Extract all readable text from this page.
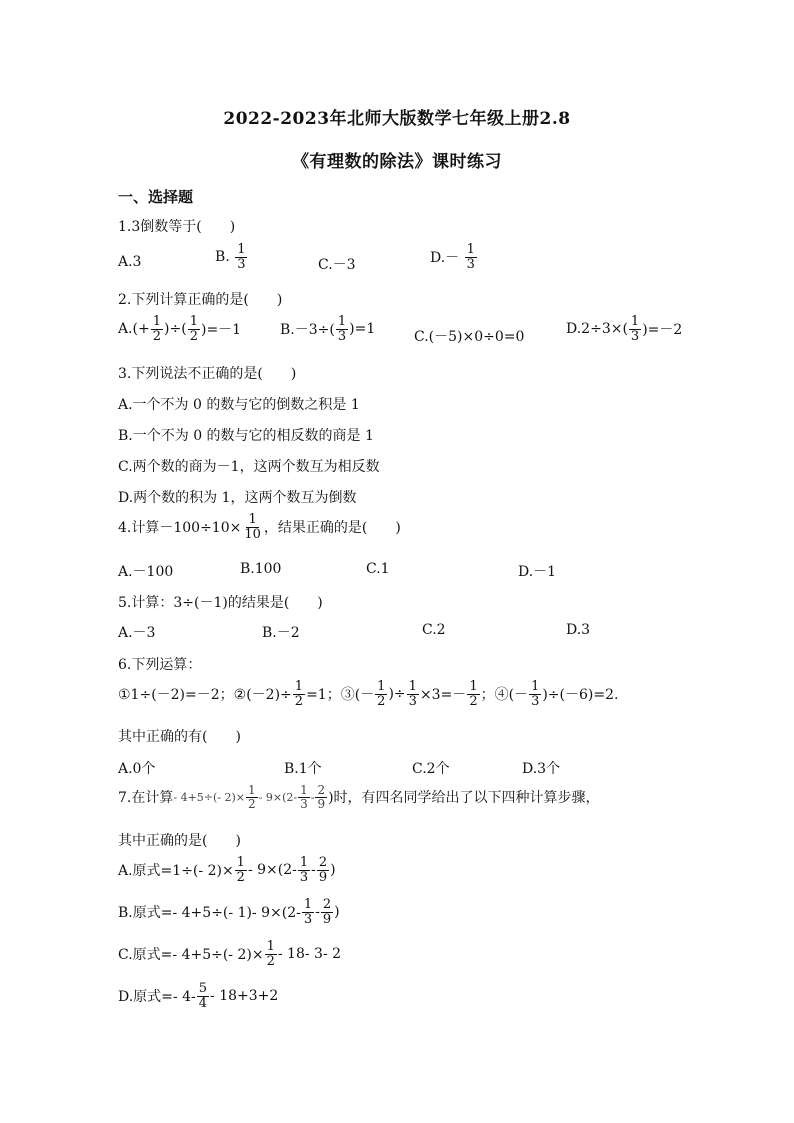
2022-2023年北师大版数学七年级上册2.8
《有理数的除法》课时练习
一、选择题
1.3倒数等于(　　)
A.3	B. $\frac{1}{3}$	C.－3	$D.- \frac{1}{3}$
2.下列计算正确的是(　　)
$A.(+ \frac{1}{2}$ )÷( $\frac{1}{2} )=-1$	$B.-3\div( \frac{1}{3} )=1$	C.(－5)×0÷0=0	$D.2\div 3\times( \frac{1}{3} )=-2$
3.下列说法不正确的是(　　)
A.一个不为 0 的数与它的倒数之积是 1
B.一个不为 0 的数与它的相反数的商是 1
C.两个数的商为－1，这两个数互为相反数
D.两个数的积为 1，这两个数互为倒数
4.计算$-100\div 10\times \frac{1}{10}$ ，结果正确的是(　　)
A.－100	B.100	C.1	D.－1
5.计算：3÷(－1)的结果是(　　)
A.－3	B.－2	C.2	D.3
6.下列运算：
①1÷(－2)=－2；②(－2)÷ $\frac{1}{2} =1$；③(－ $\frac{1}{2}$ )÷ $\frac{1}{3} \times 3=- \frac{1}{2}$ ；④(－ $\frac{1}{3} )\div(-6)=2$.
其中正确的有(　　)
A.0个	B.1个	C.2个	D.3个
7.在计算- 4+5÷(- $2)\times \frac{1}{2} - 9\times(2- \frac{1}{3} - \frac{2}{9}$ )时，有四名同学给出了以下四种计算步骤，
其中正确的是(　　)
A.原式=1÷(- $2)\times \frac{1}{2} - 9\times(2- \frac{1}{3} - \frac{2}{9}$ )
B.原式=- 4+5÷(- 1)- $9\times(2- \frac{1}{3} - \frac{2}{9}$ )
C.原式=- 4+5÷(- $2)\times \frac{1}{2} - 18-$ 3- 2
D.原式=- $4- \frac{5}{4} - 18+3+2$
